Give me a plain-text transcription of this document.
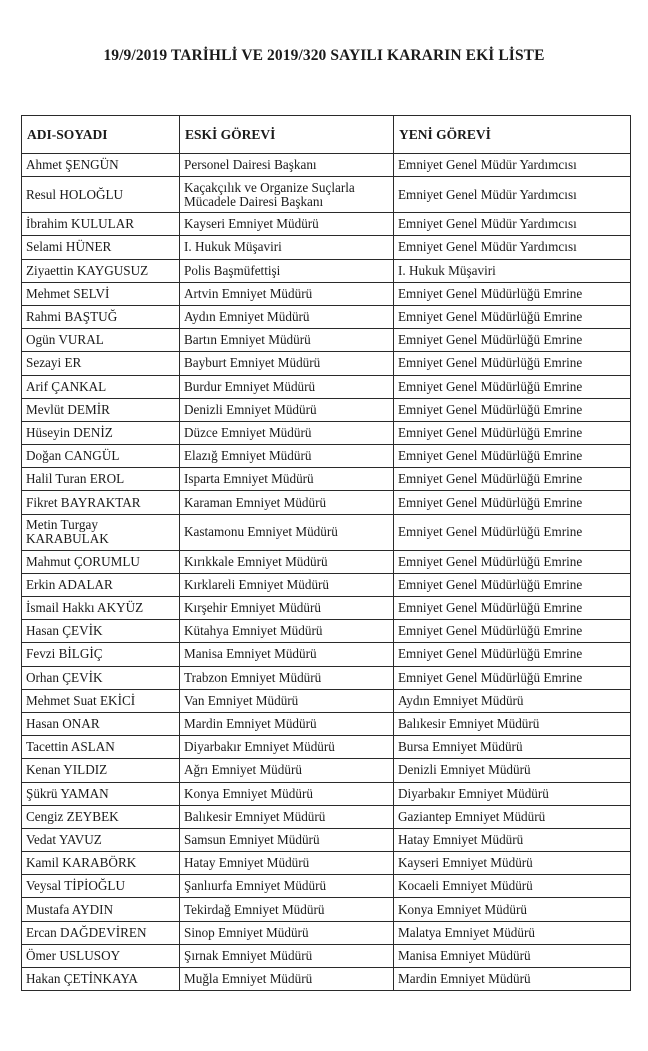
19/9/2019 TARİHLİ VE 2019/320 SAYILI KARARIN EKİ LİSTE
ADI-SOYADI	ESKİ GÖREVİ	YENİ GÖREVİ
Ahmet ŞENGÜN	Personel Dairesi Başkanı	Emniyet Genel Müdür Yardımcısı
Resul HOLOĞLU	Kaçakçılık ve Organize Suçlarla Mücadele Dairesi Başkanı	Emniyet Genel Müdür Yardımcısı
İbrahim KULULAR	Kayseri Emniyet Müdürü	Emniyet Genel Müdür Yardımcısı
Selami HÜNER	I. Hukuk Müşaviri	Emniyet Genel Müdür Yardımcısı
Ziyaettin KAYGUSUZ	Polis Başmüfettişi	I. Hukuk Müşaviri
Mehmet SELVİ	Artvin Emniyet Müdürü	Emniyet Genel Müdürlüğü Emrine
Rahmi BAŞTUĞ	Aydın Emniyet Müdürü	Emniyet Genel Müdürlüğü Emrine
Ogün VURAL	Bartın Emniyet Müdürü	Emniyet Genel Müdürlüğü Emrine
Sezayi ER	Bayburt Emniyet Müdürü	Emniyet Genel Müdürlüğü Emrine
Arif ÇANKAL	Burdur Emniyet Müdürü	Emniyet Genel Müdürlüğü Emrine
Mevlüt DEMİR	Denizli Emniyet Müdürü	Emniyet Genel Müdürlüğü Emrine
Hüseyin DENİZ	Düzce Emniyet Müdürü	Emniyet Genel Müdürlüğü Emrine
Doğan CANGÜL	Elazığ Emniyet Müdürü	Emniyet Genel Müdürlüğü Emrine
Halil Turan EROL	Isparta Emniyet Müdürü	Emniyet Genel Müdürlüğü Emrine
Fikret BAYRAKTAR	Karaman Emniyet Müdürü	Emniyet Genel Müdürlüğü Emrine
Metin Turgay KARABULAK	Kastamonu Emniyet Müdürü	Emniyet Genel Müdürlüğü Emrine
Mahmut ÇORUMLU	Kırıkkale Emniyet Müdürü	Emniyet Genel Müdürlüğü Emrine
Erkin ADALAR	Kırklareli Emniyet Müdürü	Emniyet Genel Müdürlüğü Emrine
İsmail Hakkı AKYÜZ	Kırşehir Emniyet Müdürü	Emniyet Genel Müdürlüğü Emrine
Hasan ÇEVİK	Kütahya Emniyet Müdürü	Emniyet Genel Müdürlüğü Emrine
Fevzi BİLGİÇ	Manisa Emniyet Müdürü	Emniyet Genel Müdürlüğü Emrine
Orhan ÇEVİK	Trabzon Emniyet Müdürü	Emniyet Genel Müdürlüğü Emrine
Mehmet Suat EKİCİ	Van Emniyet Müdürü	Aydın Emniyet Müdürü
Hasan ONAR	Mardin Emniyet Müdürü	Balıkesir Emniyet Müdürü
Tacettin ASLAN	Diyarbakır Emniyet Müdürü	Bursa Emniyet Müdürü
Kenan YILDIZ	Ağrı Emniyet Müdürü	Denizli Emniyet Müdürü
Şükrü YAMAN	Konya Emniyet Müdürü	Diyarbakır Emniyet Müdürü
Cengiz ZEYBEK	Balıkesir Emniyet Müdürü	Gaziantep Emniyet Müdürü
Vedat YAVUZ	Samsun Emniyet Müdürü	Hatay Emniyet Müdürü
Kamil KARABÖRK	Hatay Emniyet Müdürü	Kayseri Emniyet Müdürü
Veysal TİPİOĞLU	Şanlıurfa Emniyet Müdürü	Kocaeli Emniyet Müdürü
Mustafa AYDIN	Tekirdağ Emniyet Müdürü	Konya Emniyet Müdürü
Ercan DAĞDEVİREN	Sinop Emniyet Müdürü	Malatya Emniyet Müdürü
Ömer USLUSOY	Şırnak Emniyet Müdürü	Manisa Emniyet Müdürü
Hakan ÇETİNKAYA	Muğla Emniyet Müdürü	Mardin Emniyet Müdürü
